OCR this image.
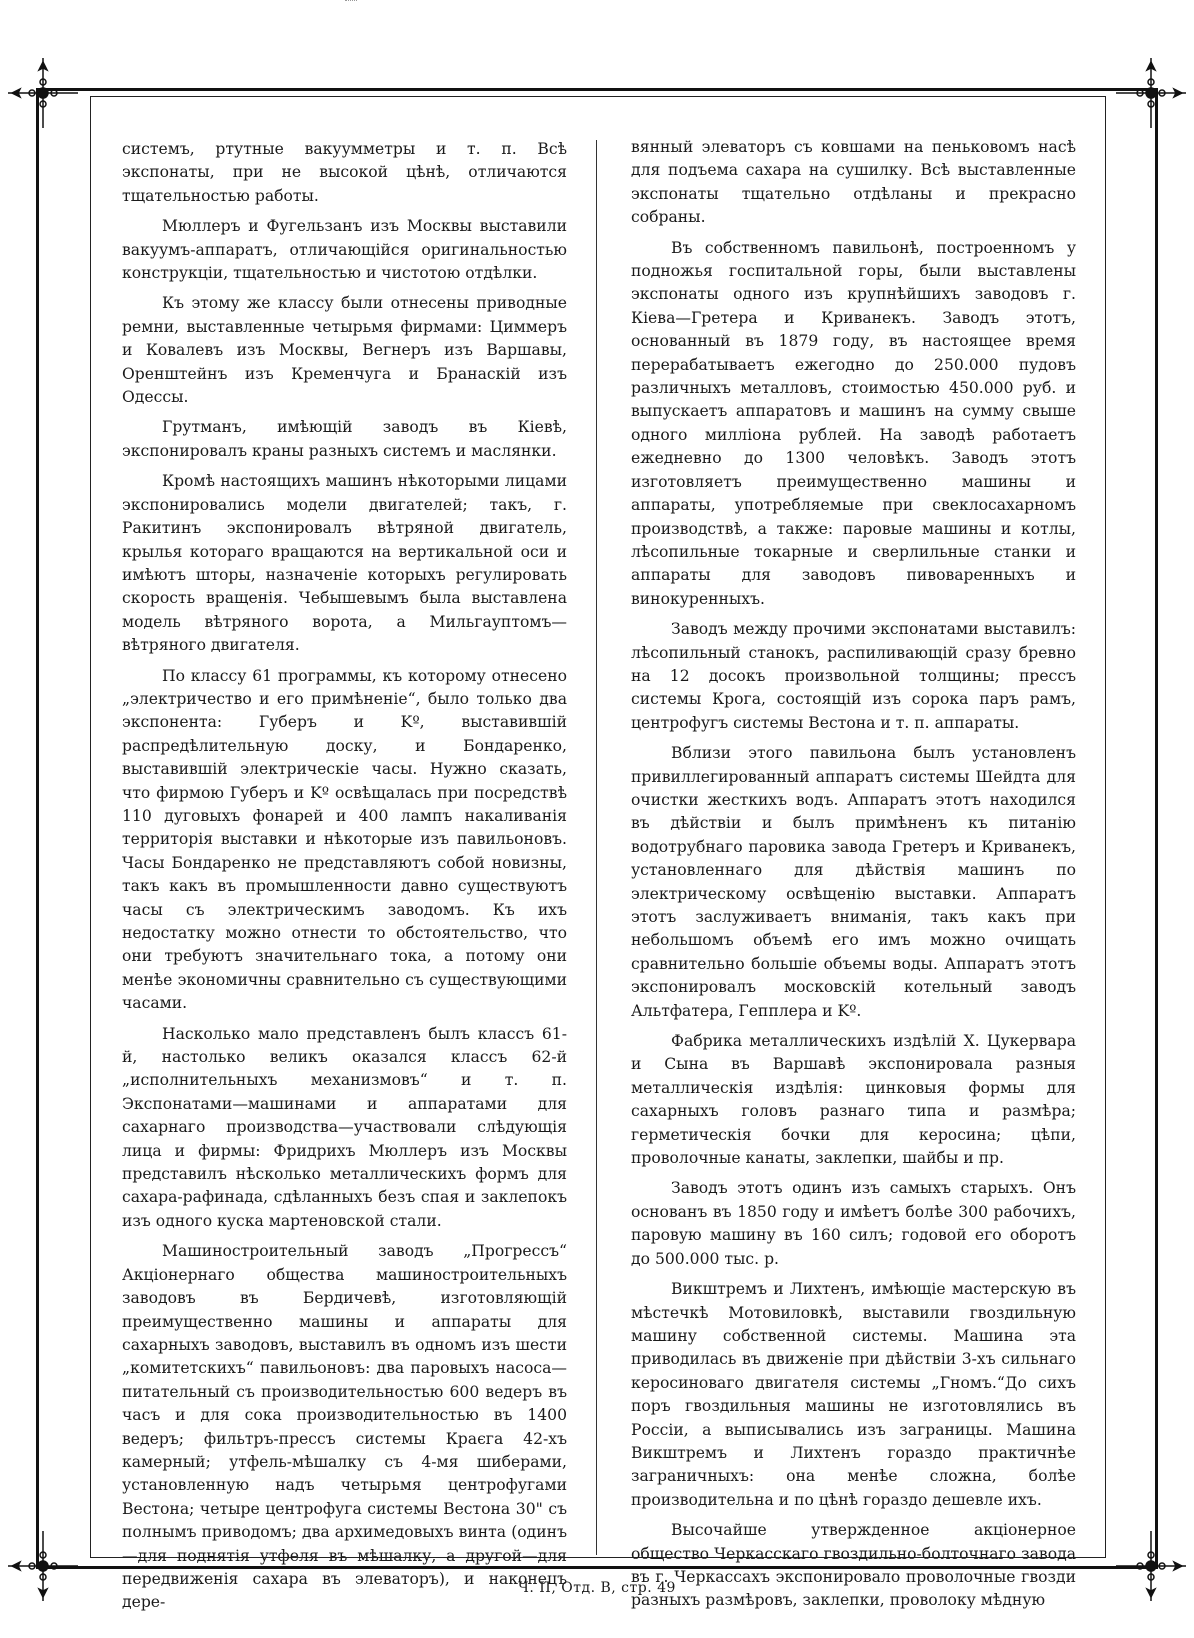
системъ, ртутные вакуумметры и т. п. Всѣ экспонаты, при не высокой цѣнѣ, отличаются тщательностью работы.

Мюллеръ и Фугельзанъ изъ Москвы выставили вакуумъ-аппаратъ, отличающійся оригинальностью конструкціи, тщательностью и чистотою отдѣлки.

Къ этому же классу были отнесены приводные ремни, выставленные четырьмя фирмами: Циммеръ и Ковалевъ изъ Москвы, Вегнеръ изъ Варшавы, Оренштейнъ изъ Кременчуга и Бранаскій изъ Одессы.

Грутманъ, имѣющій заводъ въ Кіевѣ, экспонировалъ краны разныхъ системъ и маслянки.

Кромѣ настоящихъ машинъ нѣкоторыми лицами экспонировались модели двигателей; такъ, г. Ракитинъ экспонировалъ вѣтряной двигатель, крылья котораго вращаются на вертикальной оси и имѣютъ шторы, назначеніе которыхъ регулировать скорость вращенія. Чебышевымъ была выставлена модель вѣтряного ворота, а Мильгауптомъ—вѣтряного двигателя.

По классу 61 программы, къ которому отнесено „электричество и его примѣненіе“, было только два экспонента: Губеръ и Kº, выставившій распредѣлительную доску, и Бондаренко, выставившій электрическіе часы. Нужно сказать, что фирмою Губеръ и Kº освѣщалась при посредствѣ 110 дуговыхъ фонарей и 400 лампъ накаливанія территорія выставки и нѣкоторые изъ павильоновъ. Часы Бондаренко не представляютъ собой новизны, такъ какъ въ промышленности давно существуютъ часы съ электрическимъ заводомъ. Къ ихъ недостатку можно отнести то обстоятельство, что они требуютъ значительнаго тока, а потому они менѣе экономичны сравнительно съ существующими часами.

Насколько мало представленъ былъ классъ 61-й, настолько великъ оказался классъ 62-й „исполнительныхъ механизмовъ“ и т. п. Экспонатами—машинами и аппаратами для сахарнаго производства—участвовали слѣдующія лица и фирмы: Фридрихъ Мюллеръ изъ Москвы представилъ нѣсколько металлическихъ формъ для сахара-рафинада, сдѣланныхъ безъ спая и заклепокъ изъ одного куска мартеновской стали.

Машиностроительный заводъ „Прогрессъ“ Акціонернаго общества машиностроительныхъ заводовъ въ Бердичевѣ, изготовляющій преимущественно машины и аппараты для сахарныхъ заводовъ, выставилъ въ одномъ изъ шести „комитетскихъ“ павильоновъ: два паровыхъ насоса—питательный съ производительностью 600 ведеръ въ часъ и для сока производительностью въ 1400 ведеръ; фильтръ-прессъ системы Краєга 42-хъ камерный; утфель-мѣшалку съ 4-мя шиберами, установленную надъ четырьмя центрофугами Вестона; четыре центрофуга системы Вестона 30" съ полнымъ приводомъ; два архимедовыхъ винта (одинъ—для поднятія утфеля въ мѣшалку, а другой—для передвиженія сахара въ элеваторъ), и наконецъ дере-

вянный элеваторъ съ ковшами на пеньковомъ насѣ для подъема сахара на сушилку. Всѣ выставленные экспонаты тщательно отдѣланы и прекрасно собраны.

Въ собственномъ павильонѣ, построенномъ у подножья госпитальной горы, были выставлены экспонаты одного изъ крупнѣйшихъ заводовъ г. Кіева—Гретера и Криванекъ. Заводъ этотъ, основанный въ 1879 году, въ настоящее время перерабатываетъ ежегодно до 250.000 пудовъ различныхъ металловъ, стоимостью 450.000 руб. и выпускаетъ аппаратовъ и машинъ на сумму свыше одного милліона рублей. На заводѣ работаетъ ежедневно до 1300 человѣкъ. Заводъ этотъ изготовляетъ преимущественно машины и аппараты, употребляемые при свеклосахарномъ производствѣ, а также: паровые машины и котлы, лѣсопильные токарные и сверлильные станки и аппараты для заводовъ пивоваренныхъ и винокуренныхъ.

Заводъ между прочими экспонатами выставилъ: лѣсопильный станокъ, распиливающій сразу бревно на 12 досокъ произвольной толщины; прессъ системы Крога, состоящій изъ сорока паръ рамъ, центрофугъ системы Вестона и т. п. аппараты.

Вблизи этого павильона былъ установленъ привиллегированный аппаратъ системы Шейдта для очистки жесткихъ водъ. Аппаратъ этотъ находился въ дѣйствіи и былъ примѣненъ къ питанію водотрубнаго паровика завода Гретеръ и Криванекъ, установленнаго для дѣйствія машинъ по электрическому освѣщенію выставки. Аппаратъ этотъ заслуживаетъ вниманія, такъ какъ при небольшомъ объемѣ его имъ можно очищать сравнительно большіе объемы воды. Аппаратъ этотъ экспонировалъ московскій котельный заводъ Альтфатера, Гепплера и Kº.

Фабрика металлическихъ издѣлій Х. Цукервара и Сына въ Варшавѣ экспонировала разныя металлическія издѣлія: цинковыя формы для сахарныхъ головъ разнаго типа и размѣра; герметическія бочки для керосина; цѣпи, проволочные канаты, заклепки, шайбы и пр.

Заводъ этотъ одинъ изъ самыхъ старыхъ. Онъ основанъ въ 1850 году и имѣетъ болѣе 300 рабочихъ, паровую машину въ 160 силъ; годовой его оборотъ до 500.000 тыс. р.

Викштремъ и Лихтенъ, имѣющіе мастерскую въ мѣстечкѣ Мотовиловкѣ, выставили гвоздильную машину собственной системы. Машина эта приводилась въ движеніе при дѣйствіи 3-хъ сильнаго керосиноваго двигателя системы „Гномъ.“До сихъ поръ гвоздильныя машины не изготовлялись въ Россіи, а выписывались изъ заграницы. Машина Викштремъ и Лихтенъ гораздо практичнѣе заграничныхъ: она менѣе сложна, болѣе производительна и по цѣнѣ гораздо дешевле ихъ.

Высочайше утвержденное акціонерное общество Черкасскаго гвоздильно-болточнаго завода въ г. Черкассахъ экспонировало проволочные гвозди разныхъ размѣровъ, заклепки, проволоку мѣдную

Ч. II, Отд. В, стр. 49
